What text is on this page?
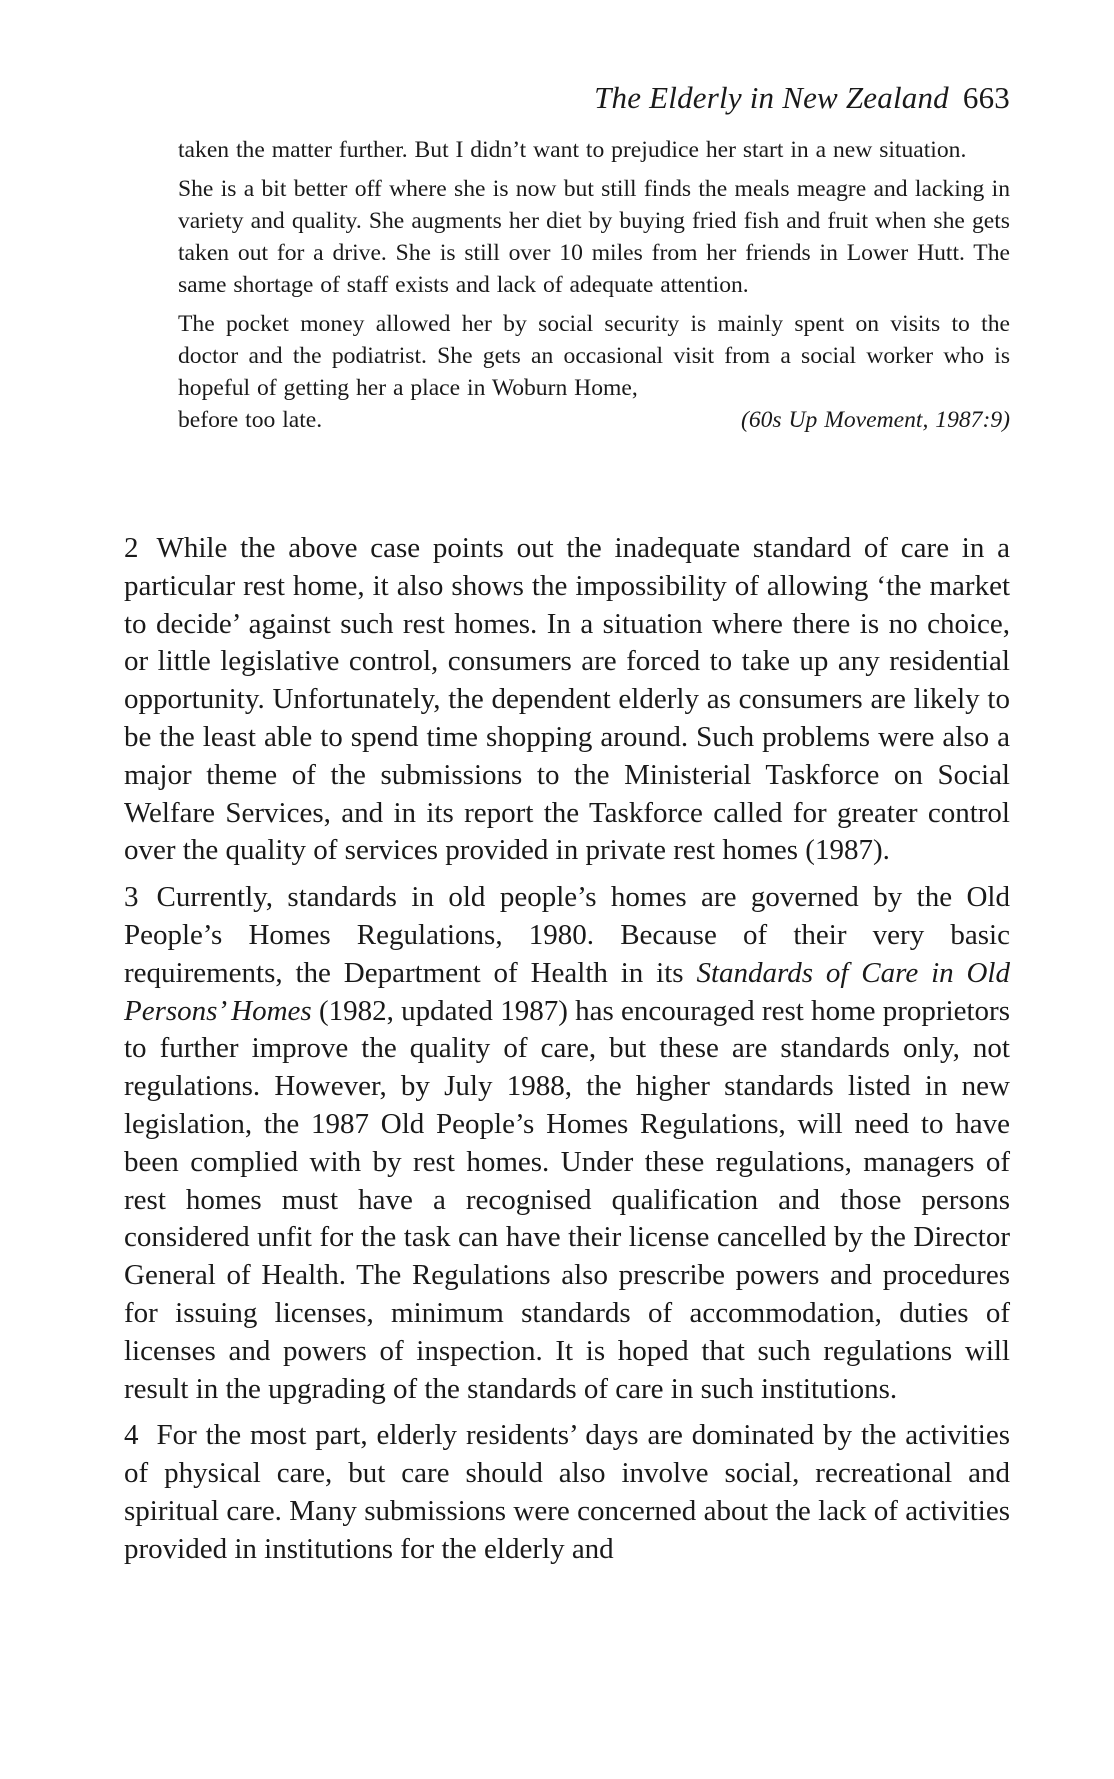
The Elderly in New Zealand 663

taken the matter further. But I didn’t want to prejudice her start in a new situation.

She is a bit better off where she is now but still finds the meals meagre and lacking in variety and quality. She augments her diet by buying fried fish and fruit when she gets taken out for a drive. She is still over 10 miles from her friends in Lower Hutt. The same shortage of staff exists and lack of adequate attention.

The pocket money allowed her by social security is mainly spent on visits to the doctor and the podiatrist. She gets an occasional visit from a social worker who is hopeful of getting her a place in Woburn Home,
before too late.	(60s Up Movement, 1987:9)

2 While the above case points out the inadequate standard of care in a particular rest home, it also shows the impossibility of allowing ‘the market to decide’ against such rest homes. In a situation where there is no choice, or little legislative control, consumers are forced to take up any residential opportunity. Unfortunately, the dependent elderly as consumers are likely to be the least able to spend time shopping around. Such problems were also a major theme of the submissions to the Ministerial Taskforce on Social Welfare Services, and in its report the Taskforce called for greater control over the quality of services provided in private rest homes (1987).

3 Currently, standards in old people’s homes are governed by the Old People’s Homes Regulations, 1980. Because of their very basic requirements, the Department of Health in its Standards of Care in Old Persons’ Homes (1982, updated 1987) has encouraged rest home proprietors to further improve the quality of care, but these are standards only, not regulations. However, by July 1988, the higher standards listed in new legislation, the 1987 Old People’s Homes Regulations, will need to have been complied with by rest homes. Under these regulations, managers of rest homes must have a recognised qualification and those persons considered unfit for the task can have their license cancelled by the Director General of Health. The Regulations also prescribe powers and procedures for issuing licenses, minimum standards of accommodation, duties of licenses and powers of inspection. It is hoped that such regulations will result in the upgrading of the standards of care in such institutions.

4 For the most part, elderly residents’ days are dominated by the activities of physical care, but care should also involve social, recreational and spiritual care. Many submissions were concerned about the lack of activities provided in institutions for the elderly and
